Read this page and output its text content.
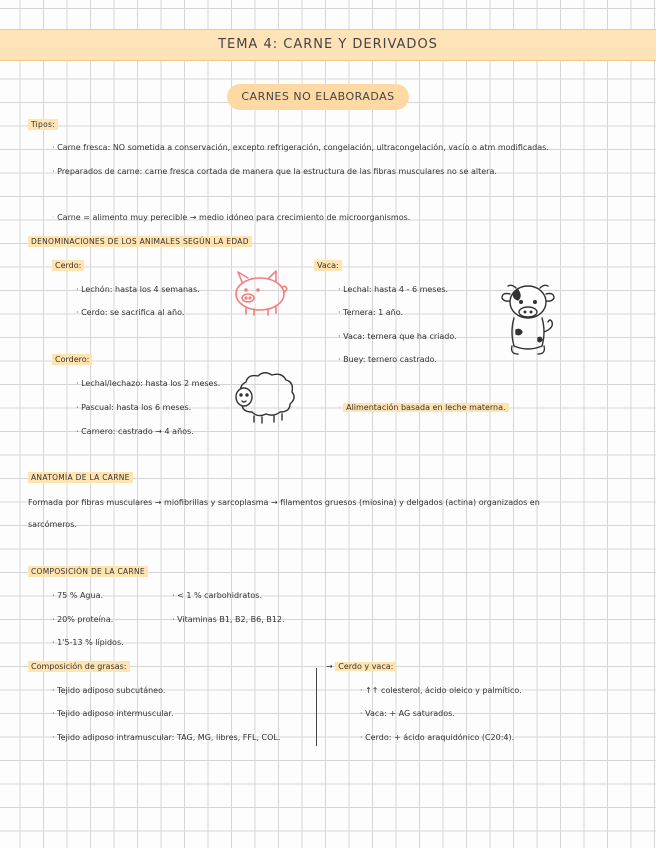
TEMA 4: CARNE Y DERIVADOS
CARNES NO ELABORADAS
Tipos:
· Carne fresca: NO sometida a conservación, excepto refrigeración, congelación, ultracongelación, vacío o atm modificadas.
· Preparados de carne: carne fresca cortada de manera que la estructura de las fibras musculares no se altera.
· Carne = alimento muy perecible → medio idóneo para crecimiento de microorganismos.
DENOMINACIONES DE LOS ANIMALES SEGÚN LA EDAD
Cerdo:
· Lechón: hasta los 4 semanas.
· Cerdo: se sacrifica al año.
Cordero:
· Lechal/lechazo: hasta los 2 meses.
· Pascual: hasta los 6 meses.
· Carnero: castrado → 4 años.
Vaca:
· Lechal: hasta 4 - 6 meses.
· Ternera: 1 año.
· Vaca: ternera que ha criado.
· Buey: ternero castrado.
· Alimentación basada en leche materna.
ANATOMÍA DE LA CARNE
Formada por fibras musculares → miofibrillas y sarcoplasma → filamentos gruesos (miosina) y delgados (actina) organizados en
sarcómeros.
COMPOSICIÓN DE LA CARNE
· 75 % Agua.
· 20% proteína.
· 1'5-13 % lípidos.
· < 1 % carbohidratos.
· Vitaminas B1, B2, B6, B12.
Composición de grasas:
· Tejido adiposo subcutáneo.
· Tejido adiposo intermuscular.
· Tejido adiposo intramuscular: TAG, MG, libres, FFL, COL.
→ Cerdo y vaca:
· ↑↑ colesterol, ácido oleico y palmítico.
· Vaca: + AG saturados.
· Cerdo: + ácido araquidónico (C20:4).
